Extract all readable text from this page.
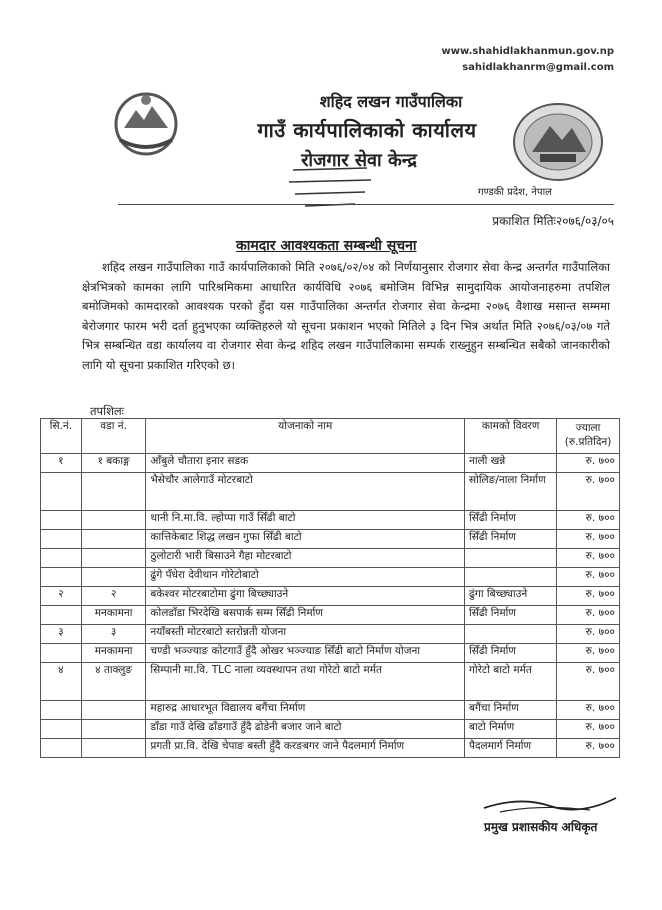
www.shahidlakhanmun.gov.np
sahidlakhanrm@gmail.com
शहिद लखन गाउँपालिका
गाउँ कार्यपालिकाको कार्यालय
रोजगार सेवा केन्द्र
गण्डकी प्रदेश, नेपाल
प्रकाशित मितिः२०७६/०३/०५
कामदार आवश्यकता सम्बन्धी सूचना
शहिद लखन गाउँपालिका गाउँ कार्यपालिकाको मिति २०७६/०२/०४ को निर्णयानुसार रोजगार सेवा केन्द्र अन्तर्गत गाउँपालिका क्षेत्रभित्रको कामका लागि पारिश्रमिकमा आधारित कार्यविधि २०७६ बमोजिम विभिन्न सामुदायिक आयोजनाहरुमा तपशिल बमोजिमको कामदारको आवश्यक परको हुँदा यस गाउँपालिका अन्तर्गत रोजगार सेवा केन्द्रमा २०७६ वैशाख मसान्त सम्ममा बेरोजगार फारम भरी दर्ता हुनुभएका व्यक्तिहरुले यो सूचना प्रकाशन भएको मितिले ३ दिन भित्र अर्थात मिति २०७६/०३/०७ गते भित्र सम्बन्धित वडा कार्यालय वा रोजगार सेवा केन्द्र शहिद लखन गाउँपालिकामा सम्पर्क राख्नुहुन सम्बन्धित सबैको जानकारीको लागि यो सूचना प्रकाशित गरिएको छ।
तपशिलः
सि.नं.	वडा नं.	योजनाको नाम	कामको विवरण	ज्याला (रु.प्रतिदिन)
१	१ बकाङ्ग	आँबुले चौतारा इनार सडक	नाली खन्ने	रु. ७००
		भैसेचौर आलेगाउँ मोटरबाटो	सोलिङ/नाला निर्माण	रु. ७००
		थानी नि.मा.वि. ल्होप्पा गाउँ सिँढी बाटो	सिँढी निर्माण	रु. ७००
		कात्तिकेबाट शिद्ध लखन गुफा सिँढी बाटो	सिँढी निर्माण	रु. ७००
		ठुलोटारी भारी बिसाउने गैहा मोटरबाटो		रु. ७००
		ढुंगे पँधेरा देवीथान गोरेटोबाटो		रु. ७००
२	२	बकेश्वर मोटरबाटोमा ढुंगा बिच्छ्याउने	ढुंगा बिच्छ्याउने	रु. ७००
	मनकामना	कोलडाँडा भिरदेखि बसपार्क सम्म सिँढी निर्माण	सिँढी निर्माण	रु. ७००
३	३	नयाँबस्ती मोटरबाटो स्तरोन्नती योजना		रु. ७००
	मनकामना	चण्डी भञ्ज्याङ कोटगाउँ हुँदै ओखर भञ्ज्याङ सिँढी बाटो निर्माण योजना	सिँढी निर्माण	रु. ७००
४	४ ताक्लुङ	सिम्पानी मा.वि. TLC नाला व्यवस्थापन तथा गोरेटो बाटो मर्मत	गोरेटो बाटो मर्मत	रु. ७००
		महारुद्र आधारभूत विद्यालय बगैंचा निर्माण	बगैंचा निर्माण	रु. ७००
		डाँडा गाउँ देखि ढाँडगाउँ हुँदै ढोडेनी बजार जाने बाटो	बाटो निर्माण	रु. ७००
		प्रगती प्रा.वि. देखि चेपाङ बस्ती हुँदै करङबगर जाने पैदलमार्ग निर्माण	पैदलमार्ग निर्माण	रु. ७००
प्रमुख प्रशासकीय अधिकृत
